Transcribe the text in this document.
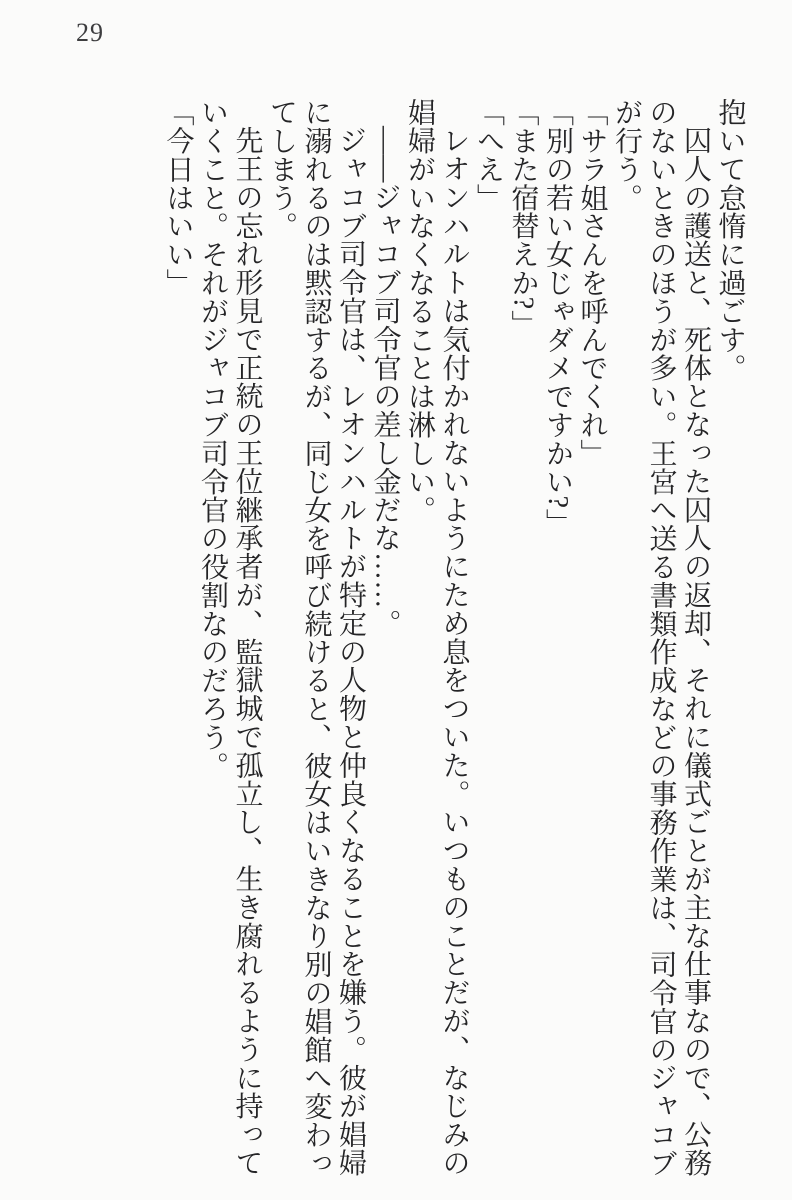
29

抱いて怠惰に過ごす。

囚人の護送と、死体となった囚人の返却、それに儀式ごとが主な仕事なので、公務

のないときのほうが多い。王宮へ送る書類作成などの事務作業は、司令官のジャコブ

が行う。

「サラ姐さんを呼んでくれ」

「別の若い女じゃダメですかい?」

「また宿替えか?」

「へえ」

レオンハルトは気付かれないようにため息をついた。いつものことだが、なじみの

娼婦がいなくなることは淋しい。

――ジャコブ司令官の差し金だな……。

ジャコブ司令官は、レオンハルトが特定の人物と仲良くなることを嫌う。彼が娼婦

に溺れるのは黙認するが、同じ女を呼び続けると、彼女はいきなり別の娼館へ変わっ

てしまう。

先王の忘れ形見で正統の王位継承者が、監獄城で孤立し、生き腐れるように持って

いくこと。それがジャコブ司令官の役割なのだろう。

「今日はいい」
